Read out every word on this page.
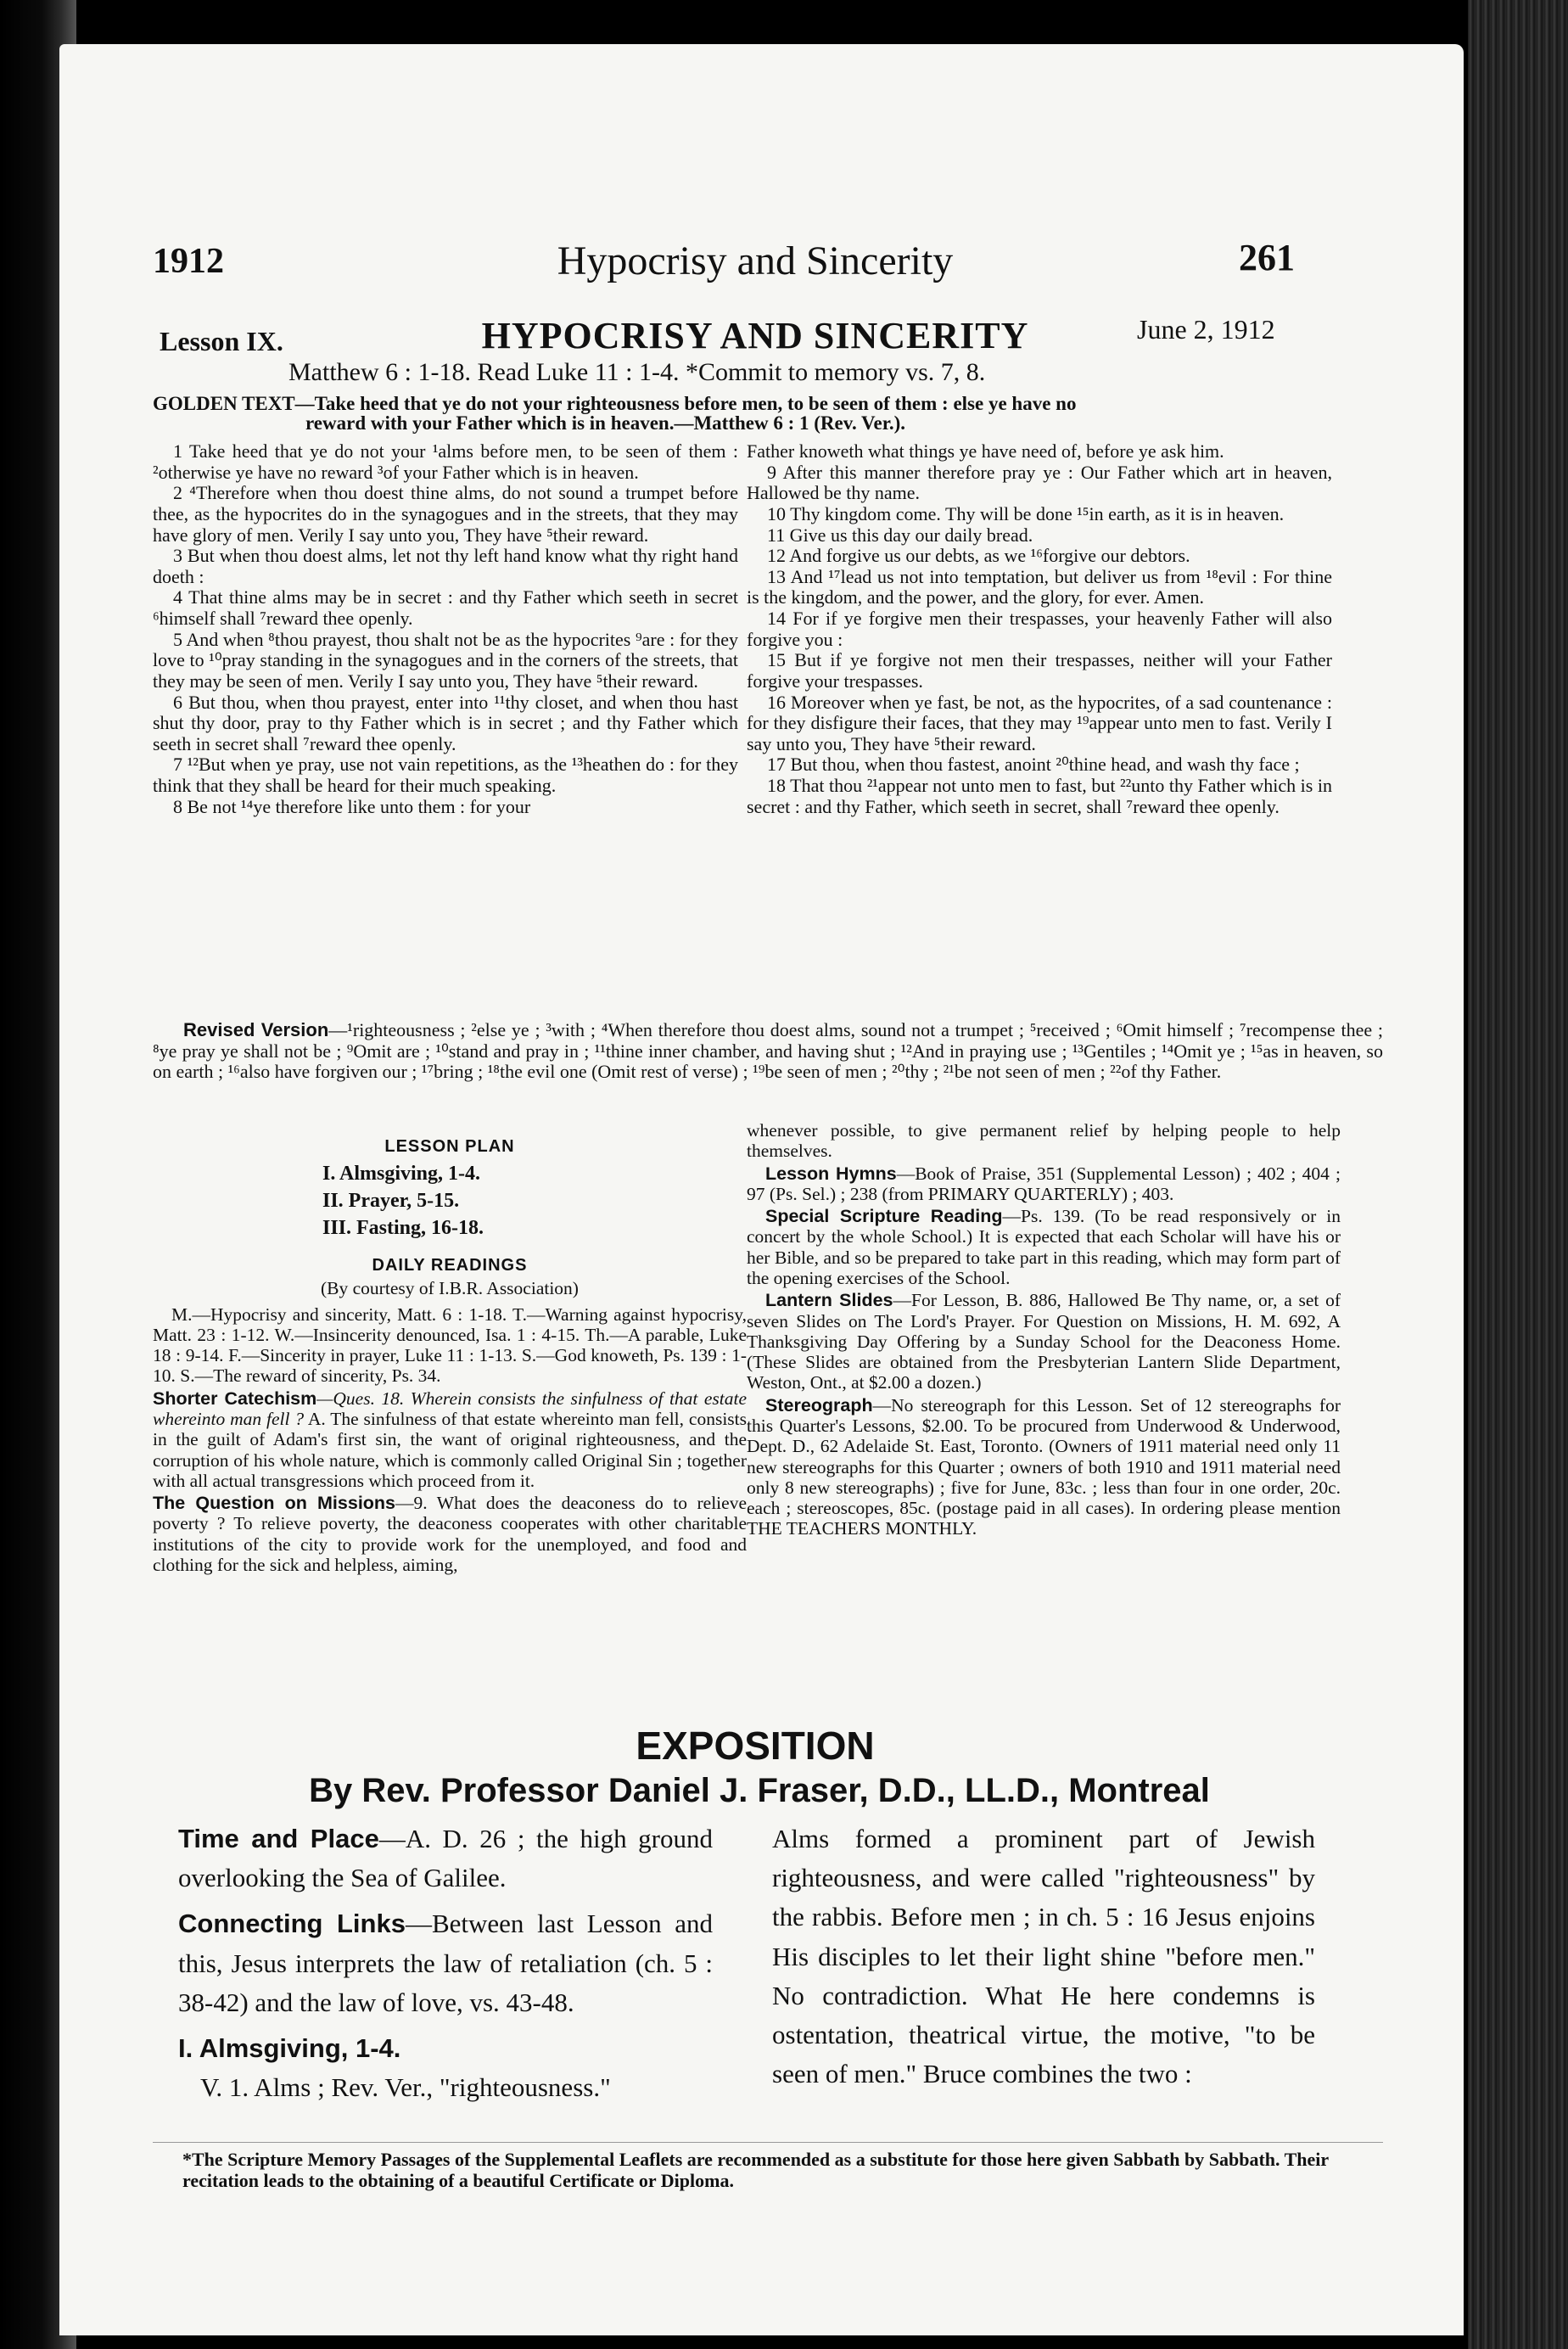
1912	Hypocrisy and Sincerity	261
Lesson IX.	HYPOCRISY AND SINCERITY	June 2, 1912
Matthew 6 : 1-18. Read Luke 11 : 1-4. *Commit to memory vs. 7, 8.
GOLDEN TEXT—Take heed that ye do not your righteousness before men, to be seen of them : else ye have no
reward with your Father which is in heaven.—Matthew 6 : 1 (Rev. Ver.).

1 Take heed that ye do not your ¹alms before men, to be seen of them : ²otherwise ye have no reward ³of your Father which is in heaven.

2 ⁴Therefore when thou doest thine alms, do not sound a trumpet before thee, as the hypocrites do in the synagogues and in the streets, that they may have glory of men. Verily I say unto you, They have ⁵their reward.

3 But when thou doest alms, let not thy left hand know what thy right hand doeth :

4 That thine alms may be in secret : and thy Father which seeth in secret ⁶himself shall ⁷reward thee openly.

5 And when ⁸thou prayest, thou shalt not be as the hypocrites ⁹are : for they love to ¹⁰pray standing in the synagogues and in the corners of the streets, that they may be seen of men. Verily I say unto you, They have ⁵their reward.

6 But thou, when thou prayest, enter into ¹¹thy closet, and when thou hast shut thy door, pray to thy Father which is in secret ; and thy Father which seeth in secret shall ⁷reward thee openly.

7 ¹²But when ye pray, use not vain repetitions, as the ¹³heathen do : for they think that they shall be heard for their much speaking.

8 Be not ¹⁴ye therefore like unto them : for your

Father knoweth what things ye have need of, before ye ask him.

9 After this manner therefore pray ye : Our Father which art in heaven, Hallowed be thy name.

10 Thy kingdom come. Thy will be done ¹⁵in earth, as it is in heaven.

11 Give us this day our daily bread.

12 And forgive us our debts, as we ¹⁶forgive our debtors.

13 And ¹⁷lead us not into temptation, but deliver us from ¹⁸evil : For thine is the kingdom, and the power, and the glory, for ever. Amen.

14 For if ye forgive men their trespasses, your heavenly Father will also forgive you :

15 But if ye forgive not men their trespasses, neither will your Father forgive your trespasses.

16 Moreover when ye fast, be not, as the hypocrites, of a sad countenance : for they disfigure their faces, that they may ¹⁹appear unto men to fast. Verily I say unto you, They have ⁵their reward.

17 But thou, when thou fastest, anoint ²⁰thine head, and wash thy face ;

18 That thou ²¹appear not unto men to fast, but ²²unto thy Father which is in secret : and thy Father, which seeth in secret, shall ⁷reward thee openly.

Revised Version—¹righteousness ; ²else ye ; ³with ; ⁴When therefore thou doest alms, sound not a trumpet ; ⁵received ; ⁶Omit himself ; ⁷recompense thee ; ⁸ye pray ye shall not be ; ⁹Omit are ; ¹⁰stand and pray in ; ¹¹thine inner chamber, and having shut ; ¹²And in praying use ; ¹³Gentiles ; ¹⁴Omit ye ; ¹⁵as in heaven, so on earth ; ¹⁶also have forgiven our ; ¹⁷bring ; ¹⁸the evil one (Omit rest of verse) ; ¹⁹be seen of men ; ²⁰thy ; ²¹be not seen of men ; ²²of thy Father.
LESSON PLAN
I. Almsgiving, 1-4.
II. Prayer, 5-15.
III. Fasting, 16-18.
DAILY READINGS

(By courtesy of I.B.R. Association)

M.—Hypocrisy and sincerity, Matt. 6 : 1-18. T.—Warning against hypocrisy, Matt. 23 : 1-12. W.—Insincerity denounced, Isa. 1 : 4-15. Th.—A parable, Luke 18 : 9-14. F.—Sincerity in prayer, Luke 11 : 1-13. S.—God knoweth, Ps. 139 : 1-10. S.—The reward of sincerity, Ps. 34.

Shorter Catechism—Ques. 18. Wherein consists the sinfulness of that estate whereinto man fell ? A. The sinfulness of that estate whereinto man fell, consists in the guilt of Adam's first sin, the want of original righteousness, and the corruption of his whole nature, which is commonly called Original Sin ; together with all actual transgressions which proceed from it.

The Question on Missions—9. What does the deaconess do to relieve poverty ? To relieve poverty, the deaconess cooperates with other charitable institutions of the city to provide work for the unemployed, and food and clothing for the sick and helpless, aiming,

whenever possible, to give permanent relief by helping people to help themselves.

Lesson Hymns—Book of Praise, 351 (Supplemental Lesson) ; 402 ; 404 ; 97 (Ps. Sel.) ; 238 (from PRIMARY QUARTERLY) ; 403.

Special Scripture Reading—Ps. 139. (To be read responsively or in concert by the whole School.) It is expected that each Scholar will have his or her Bible, and so be prepared to take part in this reading, which may form part of the opening exercises of the School.

Lantern Slides—For Lesson, B. 886, Hallowed Be Thy name, or, a set of seven Slides on The Lord's Prayer. For Question on Missions, H. M. 692, A Thanksgiving Day Offering by a Sunday School for the Deaconess Home. (These Slides are obtained from the Presbyterian Lantern Slide Department, Weston, Ont., at $2.00 a dozen.)

Stereograph—No stereograph for this Lesson. Set of 12 stereographs for this Quarter's Lessons, $2.00. To be procured from Underwood & Underwood, Dept. D., 62 Adelaide St. East, Toronto. (Owners of 1911 material need only 11 new stereographs for this Quarter ; owners of both 1910 and 1911 material need only 8 new stereographs) ; five for June, 83c. ; less than four in one order, 20c. each ; stereoscopes, 85c. (postage paid in all cases). In ordering please mention THE TEACHERS MONTHLY.

EXPOSITION
By Rev. Professor Daniel J. Fraser, D.D., LL.D., Montreal

Time and Place—A. D. 26 ; the high ground overlooking the Sea of Galilee.

Connecting Links—Between last Lesson and this, Jesus interprets the law of retaliation (ch. 5 : 38-42) and the law of love, vs. 43-48.

I. Almsgiving, 1-4.

V. 1. Alms ; Rev. Ver., "righteousness."

Alms formed a prominent part of Jewish righteousness, and were called "righteousness" by the rabbis. Before men ; in ch. 5 : 16 Jesus enjoins His disciples to let their light shine "before men." No contradiction. What He here condemns is ostentation, theatrical virtue, the motive, "to be seen of men." Bruce combines the two :

*The Scripture Memory Passages of the Supplemental Leaflets are recommended as a substitute for those here given Sabbath by Sabbath. Their recitation leads to the obtaining of a beautiful Certificate or Diploma.
